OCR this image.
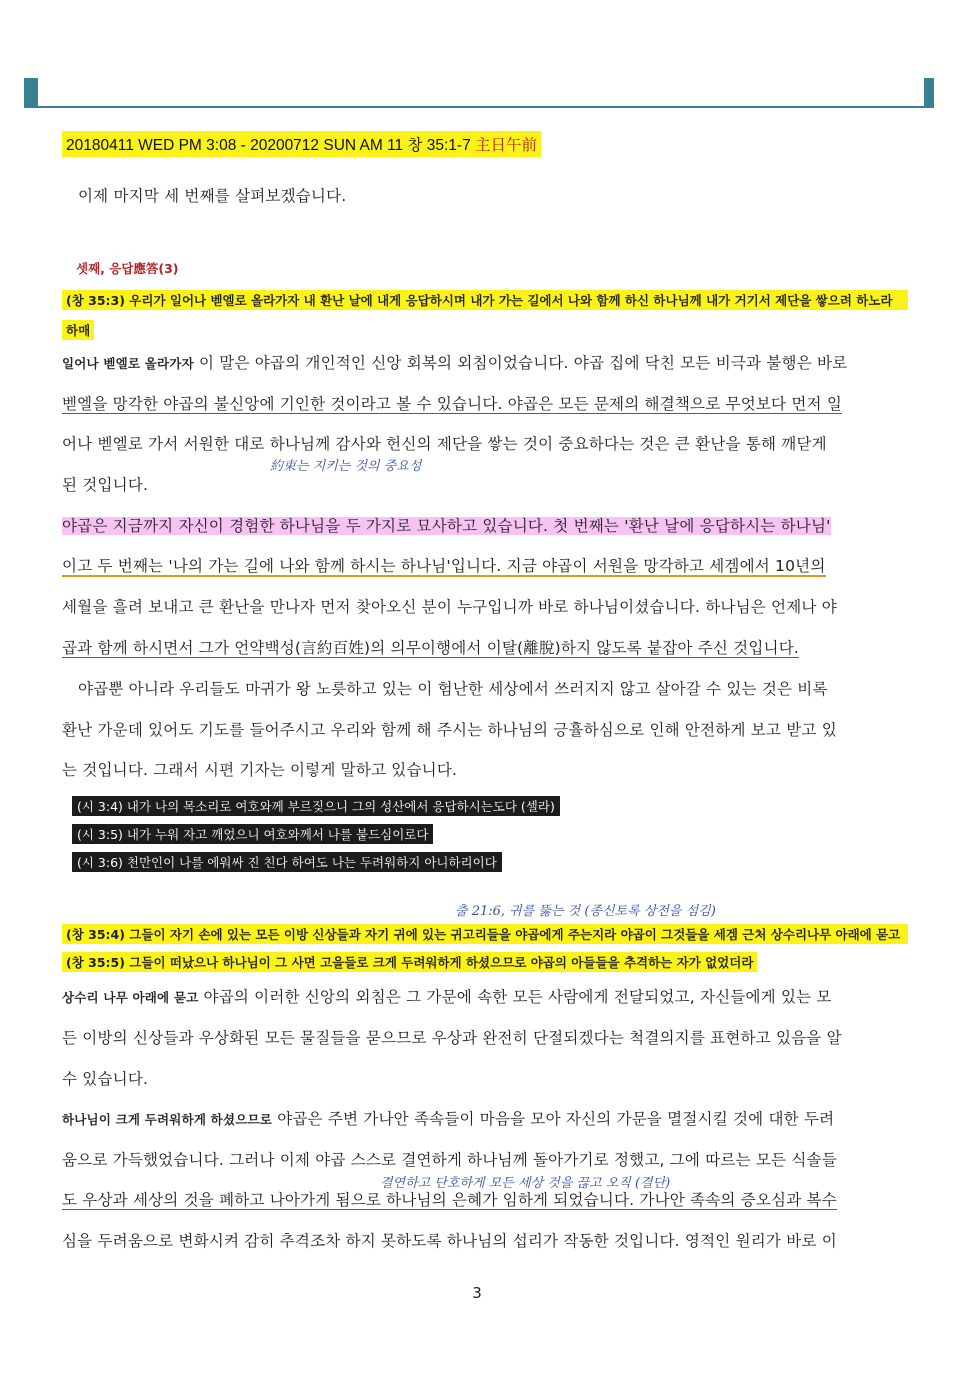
20180411 WED PM 3:08 - 20200712 SUN AM 11 창 35:1-7 主日午前
이제 마지막 세 번째를 살펴보겠습니다.
셋째, 응답應答(3)
(창 35:3) 우리가 일어나 벧엘로 올라가자 내 환난 날에 내게 응답하시며 내가 가는 길에서 나와 함께 하신 하나님께 내가 거기서 제단을 쌓으려 하노라
하매
일어나 벧엘로 올라가자 이 말은 야곱의 개인적인 신앙 회복의 외침이었습니다. 야곱 집에 닥친 모든 비극과 불행은 바로
벧엘을 망각한 야곱의 불신앙에 기인한 것이라고 볼 수 있습니다. 야곱은 모든 문제의 해결책으로 무엇보다 먼저 일
어나 벧엘로 가서 서원한 대로 하나님께 감사와 헌신의 제단을 쌓는 것이 중요하다는 것은 큰 환난을 통해 깨닫게
된 것입니다.
야곱은 지금까지 자신이 경험한 하나님을 두 가지로 묘사하고 있습니다. 첫 번째는 '환난 날에 응답하시는 하나님'
이고 두 번째는 '나의 가는 길에 나와 함께 하시는 하나님'입니다. 지금 야곱이 서원을 망각하고 세겜에서 10년의
세월을 흘려 보내고 큰 환난을 만나자 먼저 찾아오신 분이 누구입니까 바로 하나님이셨습니다. 하나님은 언제나 야
곱과 함께 하시면서 그가 언약백성(言約百姓)의 의무이행에서 이탈(離脫)하지 않도록 붙잡아 주신 것입니다.
야곱뿐 아니라 우리들도 마귀가 왕 노릇하고 있는 이 험난한 세상에서 쓰러지지 않고 살아갈 수 있는 것은 비록
환난 가운데 있어도 기도를 들어주시고 우리와 함께 해 주시는 하나님의 긍휼하심으로 인해 안전하게 보고 받고 있
는 것입니다. 그래서 시편 기자는 이렇게 말하고 있습니다.
(시 3:4) 내가 나의 목소리로 여호와께 부르짖으니 그의 성산에서 응답하시는도다 (셀라)
(시 3:5) 내가 누워 자고 깨었으니 여호와께서 나를 붙드심이로다
(시 3:6) 천만인이 나를 에워싸 진 친다 하여도 나는 두려워하지 아니하리이다
約束는 지키는 것의 중요성
출 21:6, 귀를 뚫는 것 (종신토록 상전을 섬김)
결연하고 단호하게 모든 세상 것을 끊고 오직 (결단)
(창 35:4) 그들이 자기 손에 있는 모든 이방 신상들과 자기 귀에 있는 귀고리들을 야곱에게 주는지라 야곱이 그것들을 세겜 근처 상수리나무 아래에 묻고
(창 35:5) 그들이 떠났으나 하나님이 그 사면 고을들로 크게 두려워하게 하셨으므로 야곱의 아들들을 추격하는 자가 없었더라
상수리 나무 아래에 묻고 야곱의 이러한 신앙의 외침은 그 가문에 속한 모든 사람에게 전달되었고, 자신들에게 있는 모
든 이방의 신상들과 우상화된 모든 물질들을 묻으므로 우상과 완전히 단절되겠다는 척결의지를 표현하고 있음을 알
수 있습니다.
하나님이 크게 두려워하게 하셨으므로 야곱은 주변 가나안 족속들이 마음을 모아 자신의 가문을 멸절시킬 것에 대한 두려
움으로 가득했었습니다. 그러나 이제 야곱 스스로 결연하게 하나님께 돌아가기로 정했고, 그에 따르는 모든 식솔들
도 우상과 세상의 것을 폐하고 나아가게 됨으로 하나님의 은혜가 임하게 되었습니다. 가나안 족속의 증오심과 복수
심을 두려움으로 변화시켜 감히 추격조차 하지 못하도록 하나님의 섭리가 작동한 것입니다. 영적인 원리가 바로 이
3
